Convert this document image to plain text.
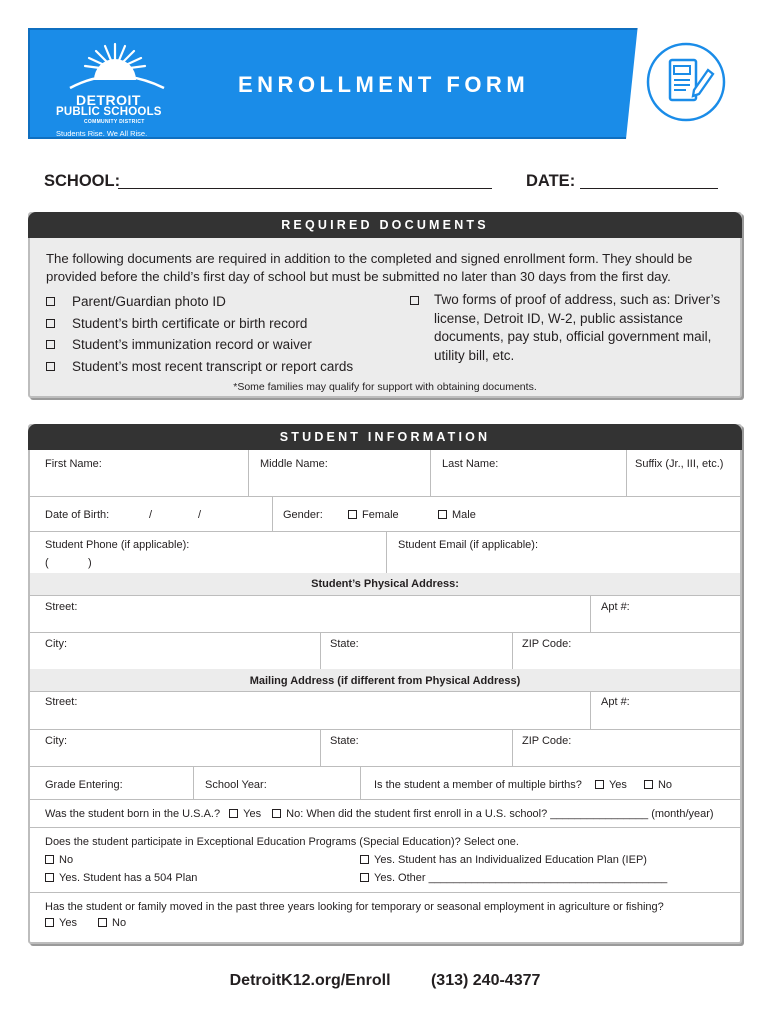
DETROIT
PUBLIC SCHOOLS
COMMUNITY DISTRICT
Students Rise. We All Rise.
ENROLLMENT FORM
SCHOOL:	DATE:
REQUIRED DOCUMENTS
The following documents are required in addition to the completed and signed enrollment form. They should be provided before the child’s first day of school but must be submitted no later than 30 days from the first day.
Parent/Guardian photo ID
Student’s birth certificate or birth record
Student’s immunization record or waiver
Student’s most recent transcript or report cards
Two forms of proof of address, such as: Driver’s license, Detroit ID, W-2, public assistance documents, pay stub, official government mail, utility bill, etc.
*Some families may qualify for support with obtaining documents.
STUDENT INFORMATION
First Name:	Middle Name:	Last Name:	Suffix (Jr., III, etc.)
Date of Birth:	/	/	Gender:	Female	Male
Student Phone (if applicable):
(	)
Student Email (if applicable):
Student’s Physical Address:
Street:	Apt #:
City:	State:	ZIP Code:
Mailing Address (if different from Physical Address)
Street:	Apt #:
City:	State:	ZIP Code:
Grade Entering:	School Year:	Is the student a member of multiple births? Yes	No
Was the student born in the U.S.A.? Yes No: When did the student first enroll in a U.S. school? ________________ (month/year)
Does the student participate in Exceptional Education Programs (Special Education)? Select one.
No	Yes. Student has an Individualized Education Plan (IEP)
Yes. Student has a 504 Plan	Yes. Other _______________________________________
Has the student or family moved in the past three years looking for temporary or seasonal employment in agriculture or fishing?
Yes	No
DetroitK12.org/Enroll	(313) 240-4377
